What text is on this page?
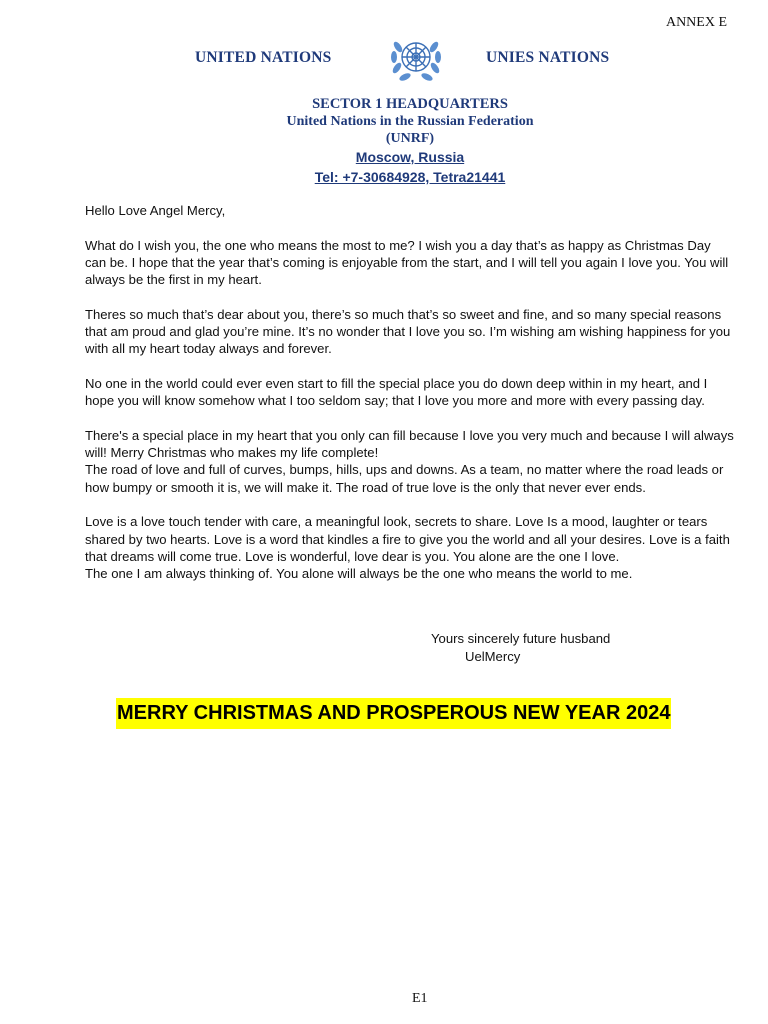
ANNEX E
UNITED NATIONS	UNIES NATIONS
SECTOR 1 HEADQUARTERS
United Nations in the Russian Federation
(UNRF)
Moscow, Russia
Tel: +7-30684928, Tetra21441

Hello Love Angel Mercy,

What do I wish you, the one who means the most to me? I wish you a day that’s as happy as Christmas Day can be. I hope that the year that’s coming is enjoyable from the start, and I will tell you again I love you. You will always be the first in my heart.

Theres so much that’s dear about you, there’s so much that’s so sweet and fine, and so many special reasons that am proud and glad you’re mine. It’s no wonder that I love you so. I’m wishing am wishing happiness for you with all my heart today always and forever.

No one in the world could ever even start to fill the special place you do down deep within in my heart, and I hope you will know somehow what I too seldom say; that I love you more and more with every passing day.

There's a special place in my heart that you only can fill because I love you very much and because I will always will! Merry Christmas who makes my life complete!

The road of love and full of curves, bumps, hills, ups and downs. As a team, no matter where the road leads or how bumpy or smooth it is, we will make it. The road of true love is the only that never ever ends.

Love is a love touch tender with care, a meaningful look, secrets to share. Love Is a mood, laughter or tears shared by two hearts. Love is a word that kindles a fire to give you the world and all your desires. Love is a faith that dreams will come true. Love is wonderful, love dear is you. You alone are the one I love.

The one I am always thinking of. You alone will always be the one who means the world to me.

Yours sincerely future husband
UelMercy
MERRY CHRISTMAS AND PROSPEROUS NEW YEAR 2024
E1
